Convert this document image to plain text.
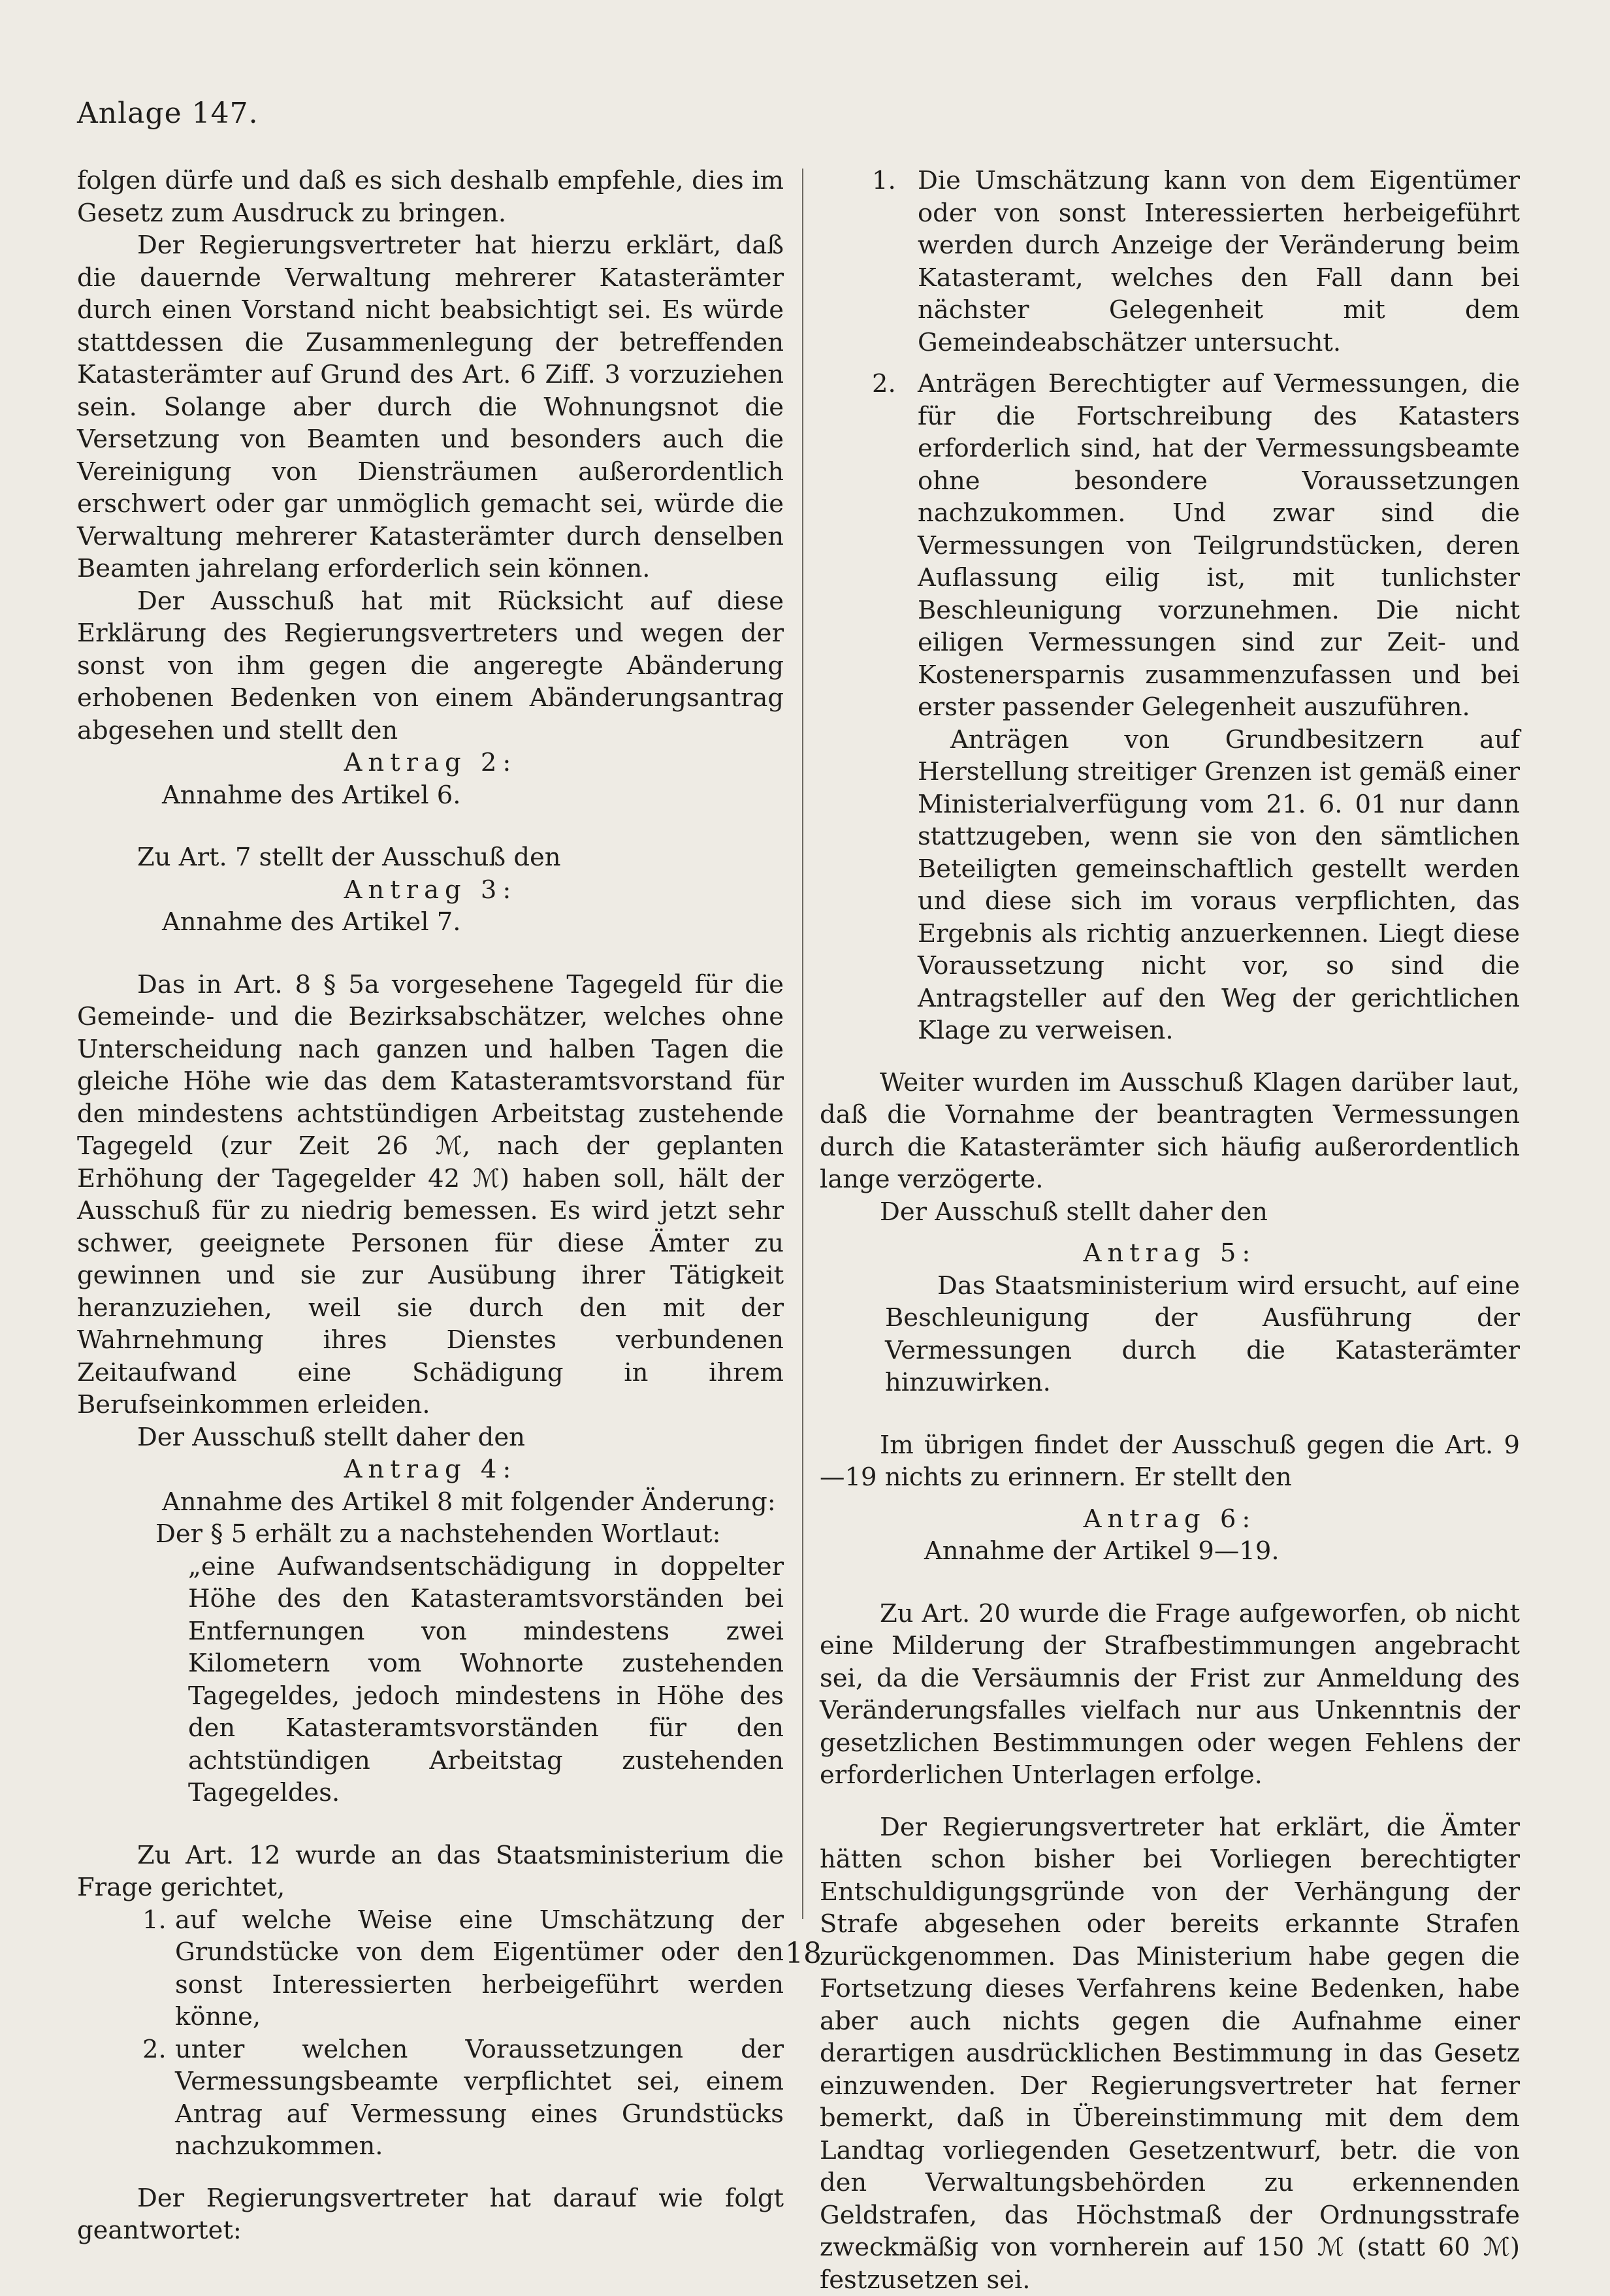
Anlage 147.

folgen dürfe und daß es sich deshalb empfehle, dies im Gesetz zum Ausdruck zu bringen.

Der Regierungsvertreter hat hierzu erklärt, daß die dauernde Verwaltung mehrerer Katasterämter durch einen Vorstand nicht beabsichtigt sei. Es würde stattdessen die Zusammenlegung der betreffenden Katasterämter auf Grund des Art. 6 Ziff. 3 vorzuziehen sein. Solange aber durch die Wohnungsnot die Versetzung von Beamten und besonders auch die Vereinigung von Diensträumen außerordentlich erschwert oder gar unmöglich gemacht sei, würde die Verwaltung mehrerer Katasterämter durch denselben Beamten jahrelang erforderlich sein können.

Der Ausschuß hat mit Rücksicht auf diese Erklärung des Regierungsvertreters und wegen der sonst von ihm gegen die angeregte Abänderung erhobenen Bedenken von einem Abänderungsantrag abgesehen und stellt den

Antrag 2:

Annahme des Artikel 6.

Zu Art. 7 stellt der Ausschuß den

Antrag 3:

Annahme des Artikel 7.

Das in Art. 8 § 5a vorgesehene Tagegeld für die Gemeinde- und die Bezirksabschätzer, welches ohne Unterscheidung nach ganzen und halben Tagen die gleiche Höhe wie das dem Katasteramtsvorstand für den mindestens achtstündigen Arbeitstag zustehende Tagegeld (zur Zeit 26 ℳ, nach der geplanten Erhöhung der Tagegelder 42 ℳ) haben soll, hält der Ausschuß für zu niedrig bemessen. Es wird jetzt sehr schwer, geeignete Personen für diese Ämter zu gewinnen und sie zur Ausübung ihrer Tätigkeit heranzuziehen, weil sie durch den mit der Wahrnehmung ihres Dienstes verbundenen Zeitaufwand eine Schädigung in ihrem Berufseinkommen erleiden.

Der Ausschuß stellt daher den

Antrag 4:

Annahme des Artikel 8 mit folgender Änderung:

Der § 5 erhält zu a nachstehenden Wortlaut:

„eine Aufwandsentschädigung in doppelter Höhe des den Katasteramtsvorständen bei Entfernungen von mindestens zwei Kilometern vom Wohnorte zustehenden Tagegeldes, jedoch mindestens in Höhe des den Katasteramtsvorständen für den achtstündigen Arbeitstag zustehenden Tagegeldes.

Zu Art. 12 wurde an das Staatsministerium die Frage gerichtet,

1. auf welche Weise eine Umschätzung der Grundstücke von dem Eigentümer oder den sonst Interessierten herbeigeführt werden könne,
2. unter welchen Voraussetzungen der Vermessungsbeamte verpflichtet sei, einem Antrag auf Vermessung eines Grundstücks nachzukommen.

Der Regierungsvertreter hat darauf wie folgt geantwortet:

1. Die Umschätzung kann von dem Eigentümer oder von sonst Interessierten herbeigeführt werden durch Anzeige der Veränderung beim Katasteramt, welches den Fall dann bei nächster Gelegenheit mit dem Gemeindeabschätzer untersucht.
2. Anträgen Berechtigter auf Vermessungen, die für die Fortschreibung des Katasters erforderlich sind, hat der Vermessungsbeamte ohne besondere Voraussetzungen nachzukommen. Und zwar sind die Vermessungen von Teilgrundstücken, deren Auflassung eilig ist, mit tunlichster Beschleunigung vorzunehmen. Die nicht eiligen Vermessungen sind zur Zeit- und Kostenersparnis zusammenzufassen und bei erster passender Gelegenheit auszuführen.

Anträgen von Grundbesitzern auf Herstellung streitiger Grenzen ist gemäß einer Ministerialverfügung vom 21. 6. 01 nur dann stattzugeben, wenn sie von den sämtlichen Beteiligten gemeinschaftlich gestellt werden und diese sich im voraus verpflichten, das Ergebnis als richtig anzuerkennen. Liegt diese Voraussetzung nicht vor, so sind die Antragsteller auf den Weg der gerichtlichen Klage zu verweisen.

Weiter wurden im Ausschuß Klagen darüber laut, daß die Vornahme der beantragten Vermessungen durch die Katasterämter sich häufig außerordentlich lange verzögerte.

Der Ausschuß stellt daher den

Antrag 5:

Das Staatsministerium wird ersucht, auf eine Beschleunigung der Ausführung der Vermessungen durch die Katasterämter hinzuwirken.

Im übrigen findet der Ausschuß gegen die Art. 9—19 nichts zu erinnern. Er stellt den

Antrag 6:

Annahme der Artikel 9—19.

Zu Art. 20 wurde die Frage aufgeworfen, ob nicht eine Milderung der Strafbestimmungen angebracht sei, da die Versäumnis der Frist zur Anmeldung des Veränderungsfalles vielfach nur aus Unkenntnis der gesetzlichen Bestimmungen oder wegen Fehlens der erforderlichen Unterlagen erfolge.

Der Regierungsvertreter hat erklärt, die Ämter hätten schon bisher bei Vorliegen berechtigter Entschuldigungsgründe von der Verhängung der Strafe abgesehen oder bereits erkannte Strafen zurückgenommen. Das Ministerium habe gegen die Fortsetzung dieses Verfahrens keine Bedenken, habe aber auch nichts gegen die Aufnahme einer derartigen ausdrücklichen Bestimmung in das Gesetz einzuwenden. Der Regierungsvertreter hat ferner bemerkt, daß in Übereinstimmung mit dem dem Landtag vorliegenden Gesetzentwurf, betr. die von den Verwaltungsbehörden zu erkennenden Geldstrafen, das Höchstmaß der Ordnungsstrafe zweckmäßig von vornherein auf 150 ℳ (statt 60 ℳ) festzusetzen sei.

18
